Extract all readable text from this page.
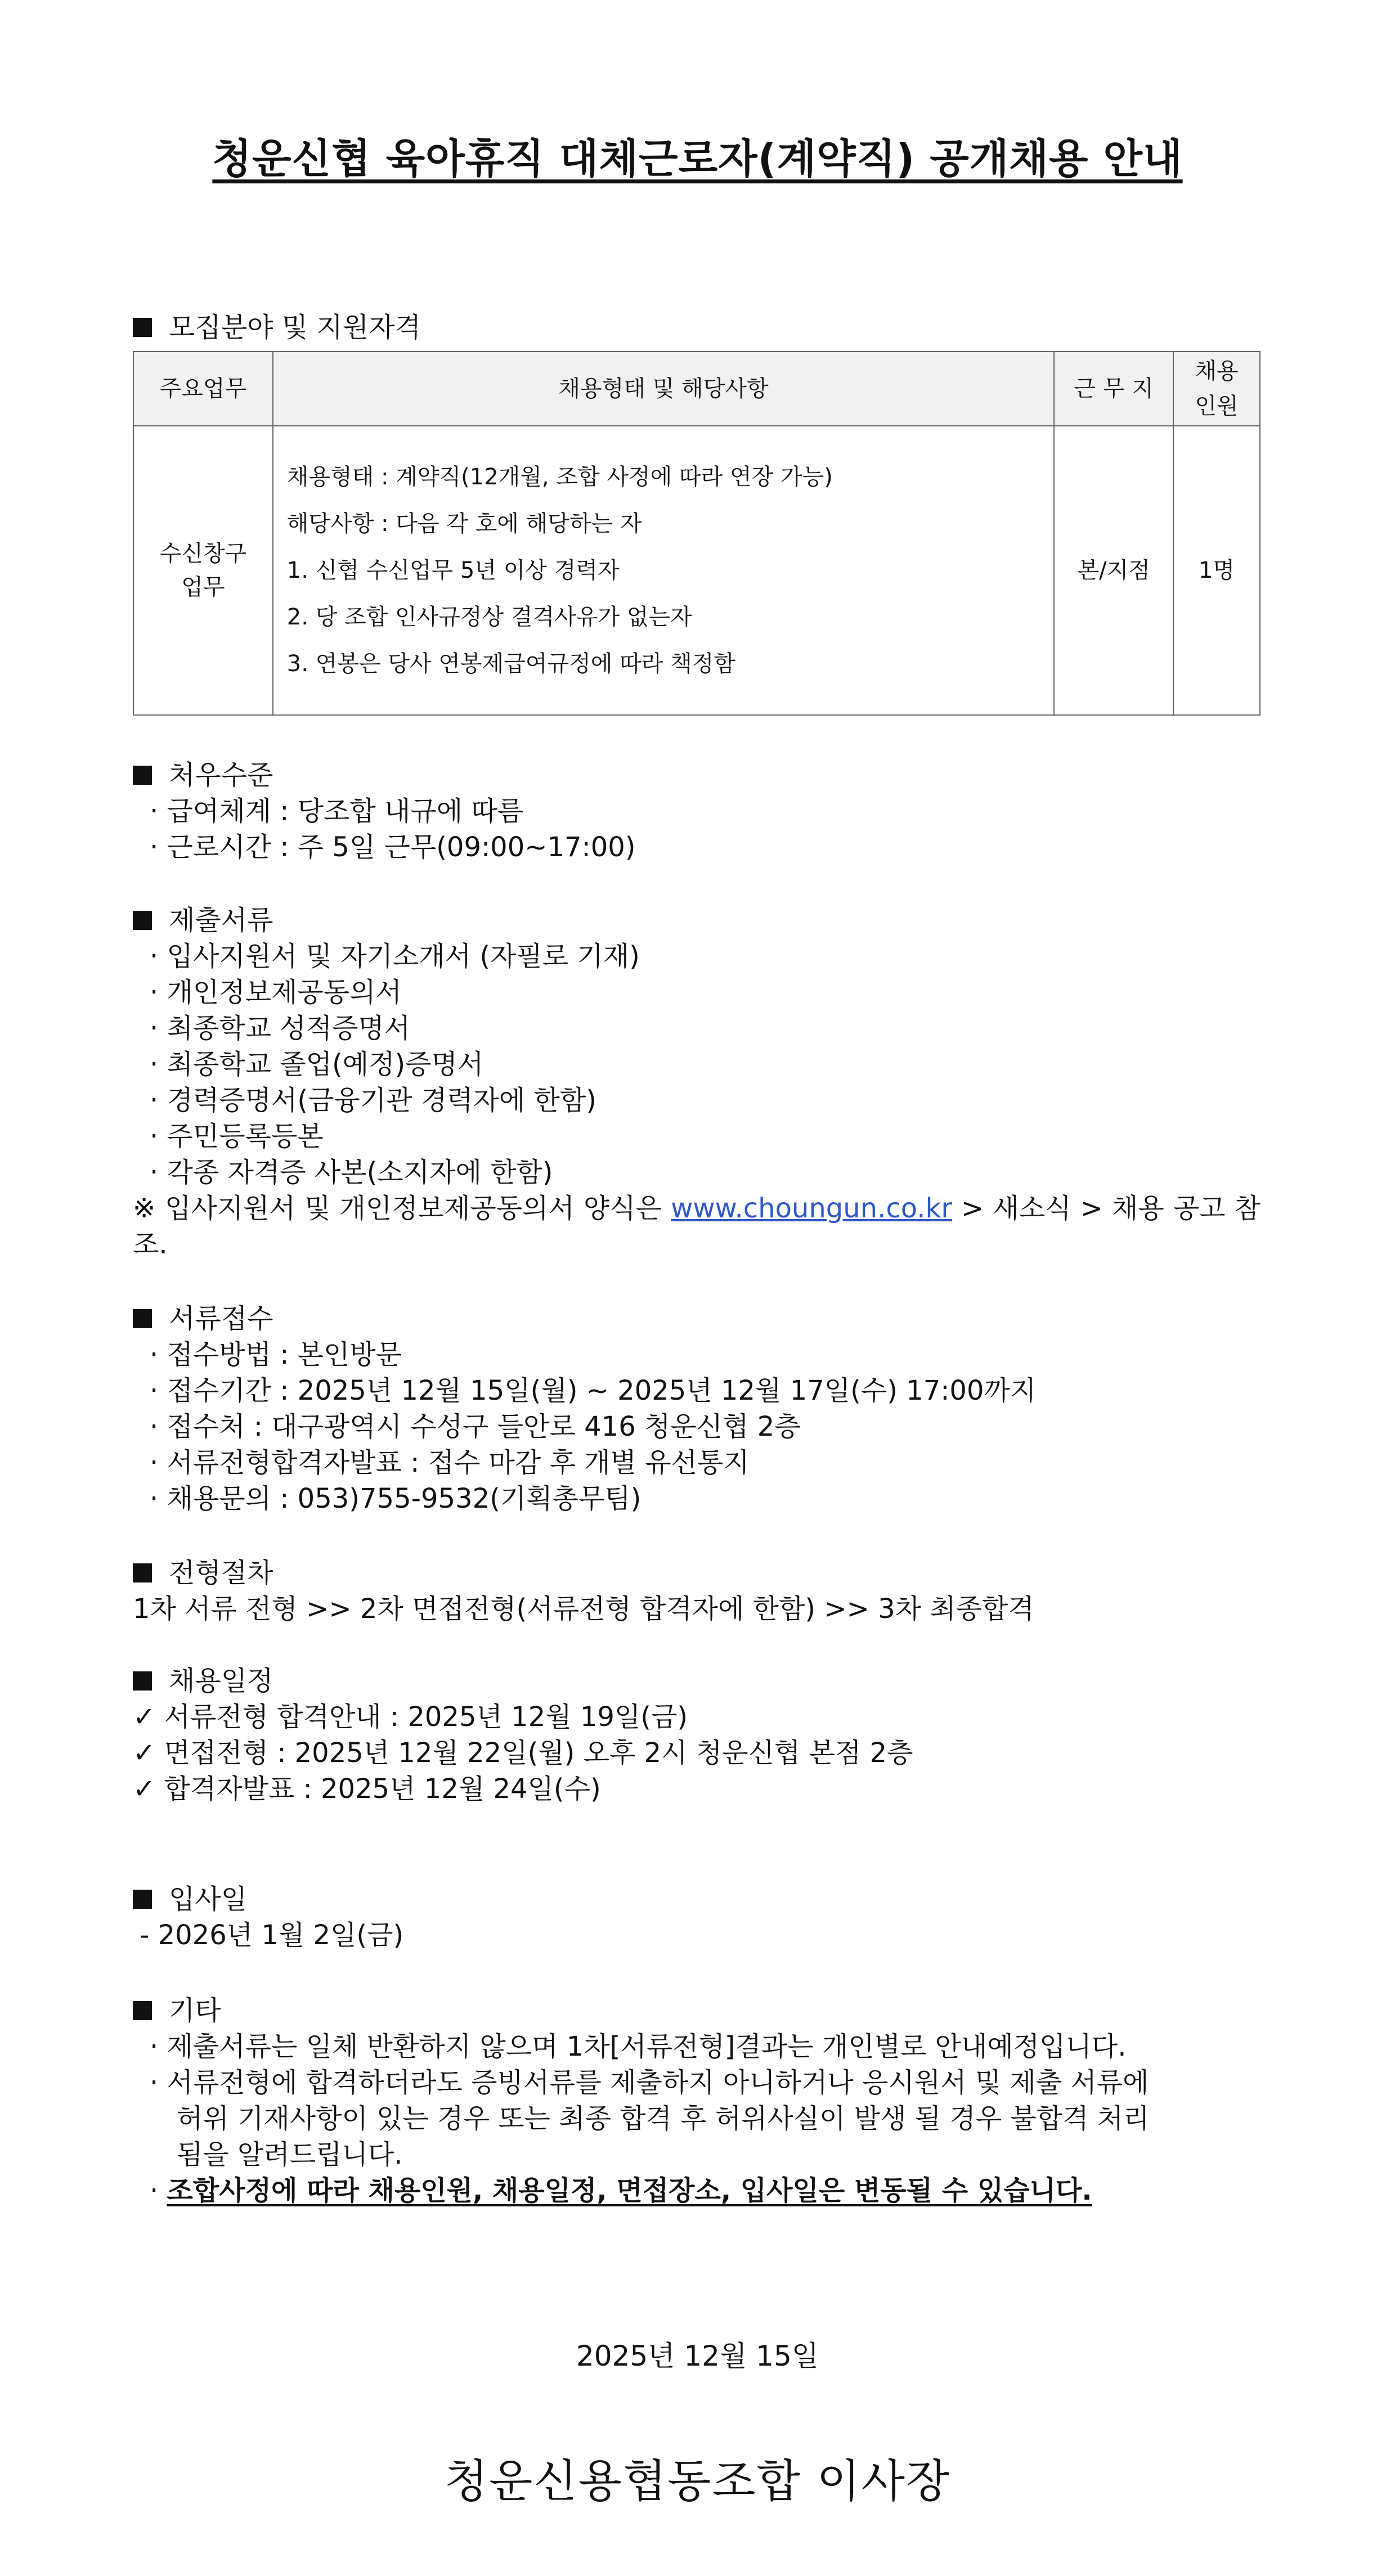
청운신협 육아휴직 대체근로자(계약직) 공개채용 안내
모집분야 및 지원자격
주요업무	채용형태 및 해당사항	근 무 지	채용
인원
수신창구
업무	채용형태 : 계약직(12개월, 조합 사정에 따라 연장 가능)
해당사항 : 다음 각 호에 해당하는 자
1. 신협 수신업무 5년 이상 경력자
2. 당 조합 인사규정상 결격사유가 없는자
3. 연봉은 당사 연봉제급여규정에 따라 책정함	본/지점	1명
처우수준
· 급여체계 : 당조합 내규에 따름
· 근로시간 : 주 5일 근무(09:00~17:00)
제출서류
· 입사지원서 및 자기소개서 (자필로 기재)
· 개인정보제공동의서
· 최종학교 성적증명서
· 최종학교 졸업(예정)증명서
· 경력증명서(금융기관 경력자에 한함)
· 주민등록등본
· 각종 자격증 사본(소지자에 한함)
※ 입사지원서 및 개인정보제공동의서 양식은 www.choungun.co.kr > 새소식 > 채용 공고 참조.
서류접수
· 접수방법 : 본인방문
· 접수기간 : 2025년 12월 15일(월) ~ 2025년 12월 17일(수) 17:00까지
· 접수처 : 대구광역시 수성구 들안로 416 청운신협 2층
· 서류전형합격자발표 : 접수 마감 후 개별 유선통지
· 채용문의 : 053)755-9532(기획총무팀)
전형절차
1차 서류 전형 >> 2차 면접전형(서류전형 합격자에 한함) >> 3차 최종합격
채용일정
✓ 서류전형 합격안내 : 2025년 12월 19일(금)
✓ 면접전형 : 2025년 12월 22일(월) 오후 2시 청운신협 본점 2층
✓ 합격자발표 : 2025년 12월 24일(수)
입사일
- 2026년 1월 2일(금)
기타
· 제출서류는 일체 반환하지 않으며 1차[서류전형]결과는 개인별로 안내예정입니다.
· 서류전형에 합격하더라도 증빙서류를 제출하지 아니하거나 응시원서 및 제출 서류에
허위 기재사항이 있는 경우 또는 최종 합격 후 허위사실이 발생 될 경우 불합격 처리
됨을 알려드립니다.
· 조합사정에 따라 채용인원, 채용일정, 면접장소, 입사일은 변동될 수 있습니다.
2025년 12월 15일
청운신용협동조합 이사장
